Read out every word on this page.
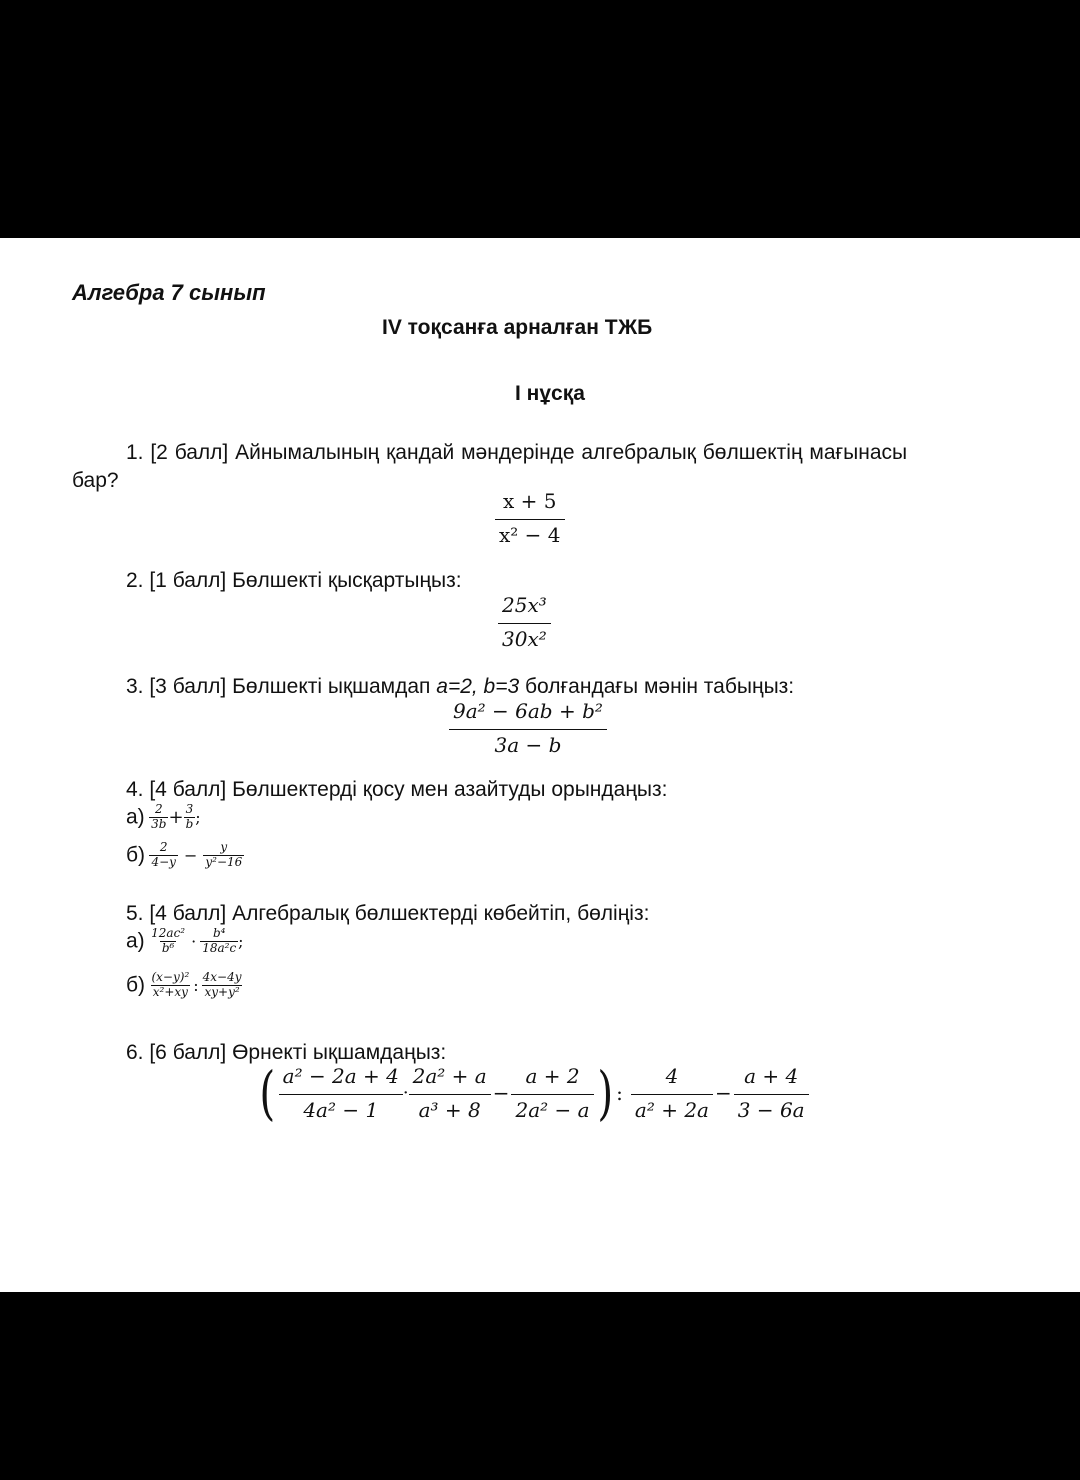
Алгебра 7 сынып
IV тоқсанға арналған ТЖБ
I нұсқа
1. [2 балл] Айнымалының қандай мәндерінде алгебралық бөлшектің мағынасы
бар?
$\frac{x + 5}{\text{x² − 4}}$
2. [1 балл] Бөлшекті қысқартыңыз:
$\frac{\text{25x³}}{\text{30x²}}$
3. [3 балл] Бөлшекті ықшамдап a=2, b=3 болғандағы мәнін табыңыз:
$\frac{\text{9a² − 6ab + b²}}{3a - b}$
4. [4 балл] Бөлшектерді қосу мен азайтуды орындаңыз:
$а) \frac{2}{3b} + \frac{3}{b}$ ;
$б) \frac{2}{4-y} - \frac{y}{\text{y²−16}}$
5. [4 балл] Алгебралық бөлшектерді көбейтіп, бөліңіз:
$а) \frac{\text{12ac²}}{\text{b⁶}} \cdot \frac{\text{b⁴}}{\text{18a²c}}$ ;
$б) \frac{\text{(x−y)²}}{\text{x²+xy}}$ : $\frac{4x-4y}{\text{xy+y²}}$
6. [6 балл] Өрнекті ықшамдаңыз:
( $\frac{\text{a² − 2a + 4}}{\text{4a² − 1}} \cdot \frac{\text{2a² + a}}{\text{a³ + 8}} - \frac{a + 2}{\text{2a² − a}}$ ) : $\frac{4}{\text{a² + 2a}} - \frac{a + 4}{3 - 6a}$
